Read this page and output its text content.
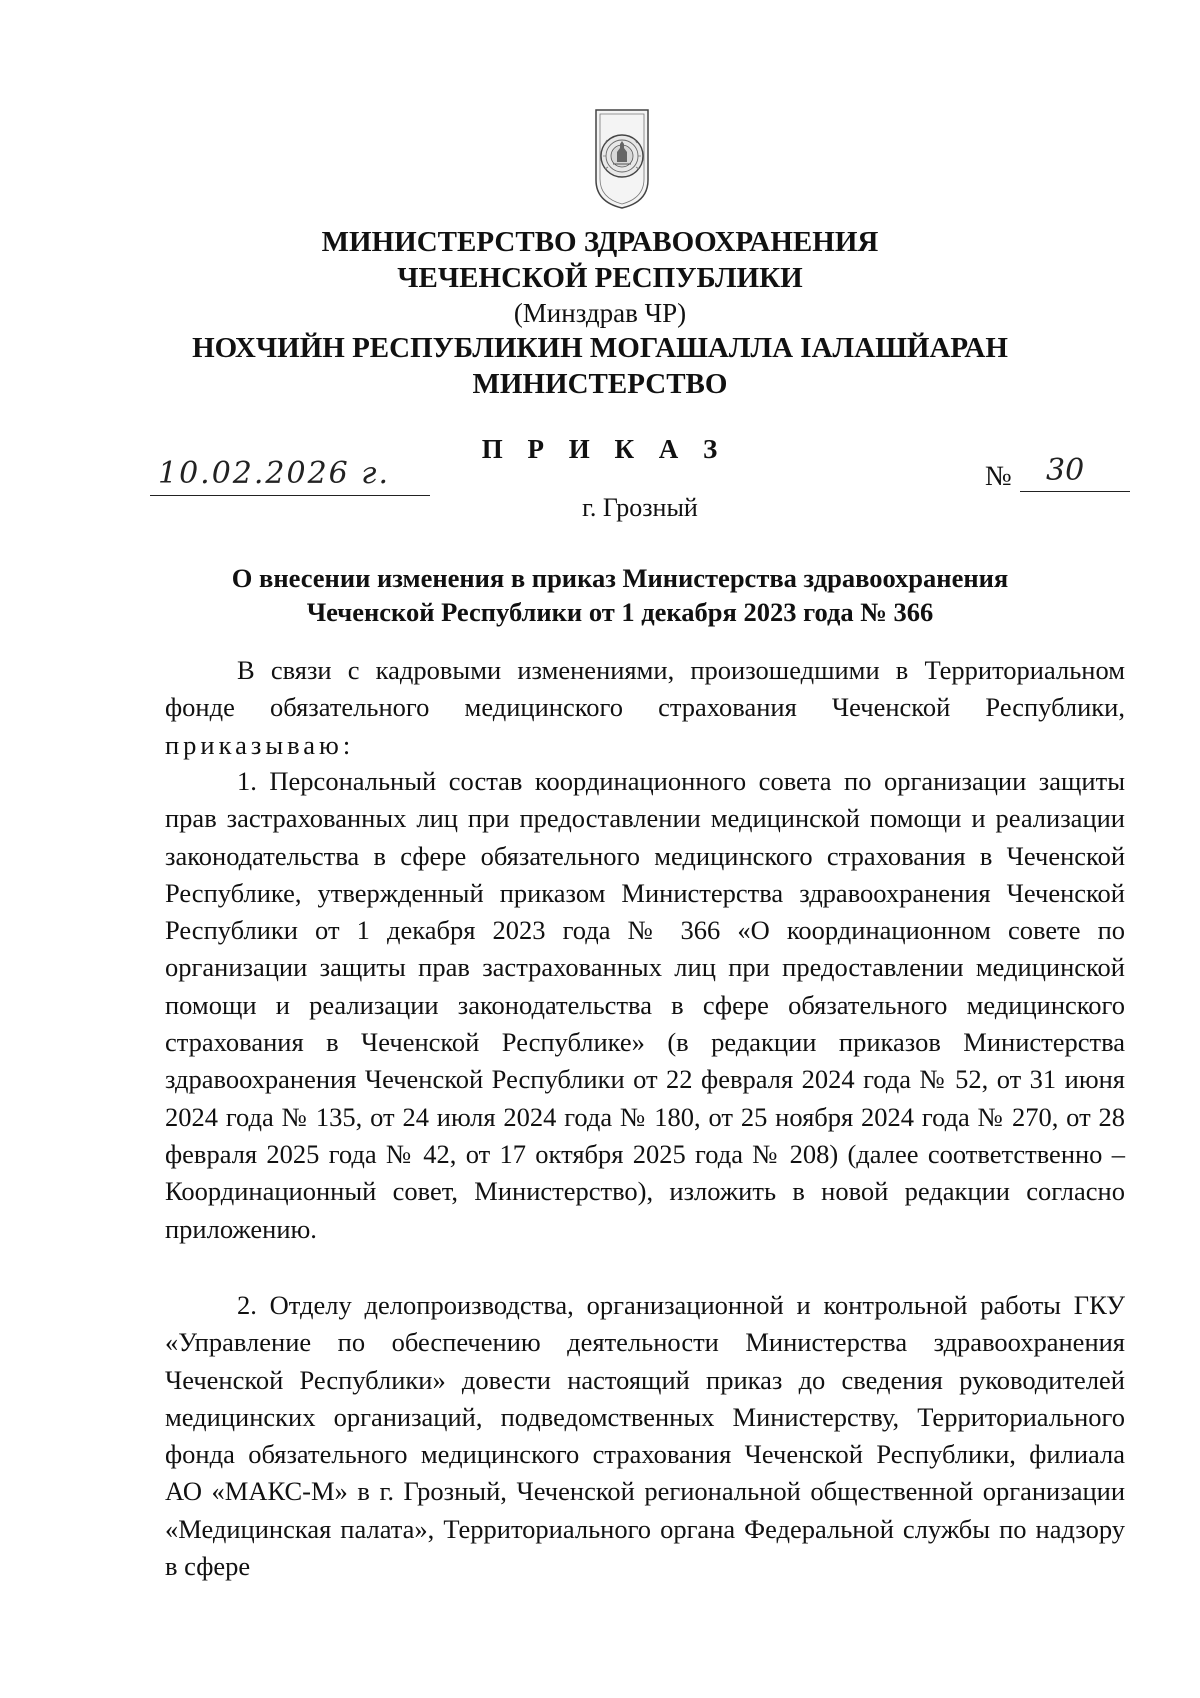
МИНИСТЕРСТВО ЗДРАВООХРАНЕНИЯ
ЧЕЧЕНСКОЙ РЕСПУБЛИКИ
(Минздрав ЧР)
НОХЧИЙН РЕСПУБЛИКИН МОГАШАЛЛА ІАЛАШЙАРАН
МИНИСТЕРСТВО
П Р И К А З
10.02.2026 г.	№	30
г. Грозный
О внесении изменения в приказ Министерства здравоохранения
Чеченской Республики от 1 декабря 2023 года № 366
В связи с кадровыми изменениями, произошедшими в Территориальном фонде обязательного медицинского страхования Чеченской Республики, приказываю:
1. Персональный состав координационного совета по организации защиты прав застрахованных лиц при предоставлении медицинской помощи и реализации законодательства в сфере обязательного медицинского страхования в Чеченской Республике, утвержденный приказом Министерства здравоохранения Чеченской Республики от 1 декабря 2023 года № 366 «О координационном совете по организации защиты прав застрахованных лиц при предоставлении медицинской помощи и реализации законодательства в сфере обязательного медицинского страхования в Чеченской Республике» (в редакции приказов Министерства здравоохранения Чеченской Республики от 22 февраля 2024 года № 52, от 31 июня 2024 года № 135, от 24 июля 2024 года № 180, от 25 ноября 2024 года № 270, от 28 февраля 2025 года № 42, от 17 октября 2025 года № 208) (далее соответственно – Координационный совет, Министерство), изложить в новой редакции согласно приложению.
2. Отделу делопроизводства, организационной и контрольной работы ГКУ «Управление по обеспечению деятельности Министерства здравоохранения Чеченской Республики» довести настоящий приказ до сведения руководителей медицинских организаций, подведомственных Министерству, Территориального фонда обязательного медицинского страхования Чеченской Республики, филиала АО «МАКС-М» в г. Грозный, Чеченской региональной общественной организации «Медицинская палата», Территориального органа Федеральной службы по надзору в сфере
